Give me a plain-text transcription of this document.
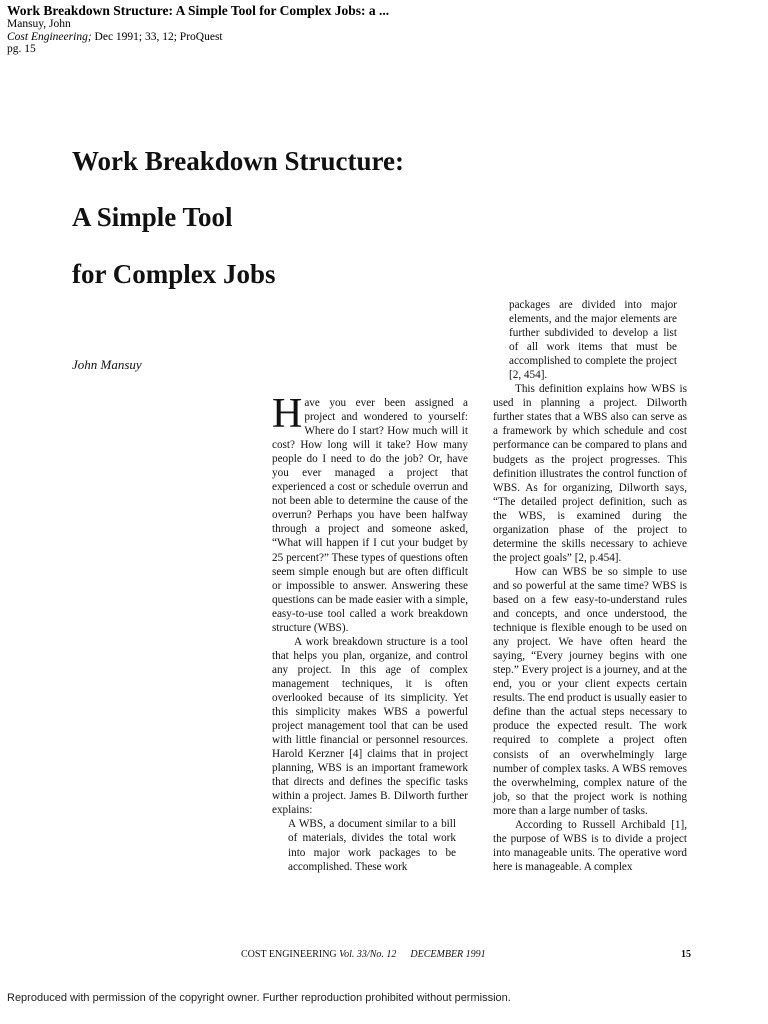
Work Breakdown Structure: A Simple Tool for Complex Jobs: a ...
Mansuy, John
Cost Engineering; Dec 1991; 33, 12; ProQuest
pg. 15
Work Breakdown Structure:
A Simple Tool
for Complex Jobs
John Mansuy

Have you ever been assigned a project and wondered to yourself: Where do I start? How much will it cost? How long will it take? How many people do I need to do the job? Or, have you ever managed a project that experienced a cost or schedule overrun and not been able to determine the cause of the overrun? Perhaps you have been halfway through a project and someone asked, “What will happen if I cut your budget by 25 percent?” These types of questions often seem simple enough but are often difficult or impossible to answer. Answering these questions can be made easier with a simple, easy-to-use tool called a work breakdown structure (WBS).

A work breakdown structure is a tool that helps you plan, organize, and control any project. In this age of complex management techniques, it is often overlooked because of its simplicity. Yet this simplicity makes WBS a powerful project management tool that can be used with little financial or personnel resources. Harold Kerzner [4] claims that in project planning, WBS is an important framework that directs and defines the specific tasks within a project. James B. Dilworth further explains:

A WBS, a document similar to a bill of materials, divides the total work into major work packages to be accomplished. These work

packages are divided into major elements, and the major elements are further subdivided to develop a list of all work items that must be accomplished to complete the project [2, 454].

This definition explains how WBS is used in planning a project. Dilworth further states that a WBS also can serve as a framework by which schedule and cost performance can be compared to plans and budgets as the project progresses. This definition illustrates the control function of WBS. As for organizing, Dilworth says, “The detailed project definition, such as the WBS, is examined during the organization phase of the project to determine the skills necessary to achieve the project goals” [2, p.454].

How can WBS be so simple to use and so powerful at the same time? WBS is based on a few easy-to-understand rules and concepts, and once understood, the technique is flexible enough to be used on any project. We have often heard the saying, “Every journey begins with one step.” Every project is a journey, and at the end, you or your client expects certain results. The end product is usually easier to define than the actual steps necessary to produce the expected result. The work required to complete a project often consists of an overwhelmingly large number of complex tasks. A WBS removes the overwhelming, complex nature of the job, so that the project work is nothing more than a large number of tasks.

According to Russell Archibald [1], the purpose of WBS is to divide a project into manageable units. The operative word here is manageable. A complex

COST ENGINEERING Vol. 33/No. 12 DECEMBER 1991	15
Reproduced with permission of the copyright owner. Further reproduction prohibited without permission.
